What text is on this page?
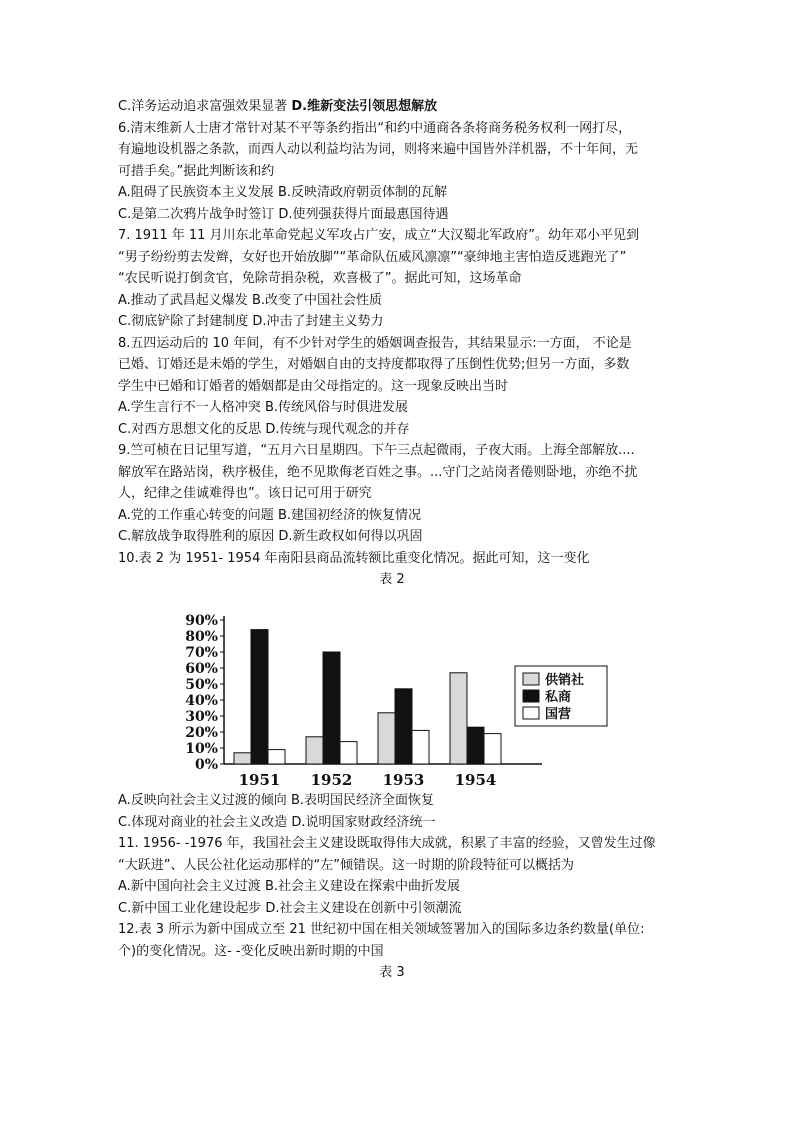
C.洋务运动追求富强效果显著 D.维新变法引领思想解放
6.清末维新人士唐才常针对某不平等条约指出“和约中通商各条将商务税务权利一网打尽，
有遍地设机器之条款，而西人动以利益均沾为词，则将来遍中国皆外洋机器，不十年间，无
可措手矣。”据此判断该和约
A.阻碍了民族资本主义发展 B.反映清政府朝贡体制的瓦解
C.是第二次鸦片战争时签订 D.使列强获得片面最惠国待遇
7. 1911 年 11 月川东北革命党起义军攻占广安，成立“大汉蜀北军政府”。幼年邓小平见到
“男子纷纷剪去发辫，女好也开始放脚”“革命队伍威风凛凛”“豪绅地主害怕造反逃跑光了”
“农民听说打倒贪官，免除苛捐杂税，欢喜极了”。据此可知，这场革命
A.推动了武昌起义爆发 B.改变了中国社会性质
C.彻底铲除了封建制度 D.冲击了封建主义势力
8.五四运动后的 10 年间，有不少针对学生的婚姻调查报告，其结果显示:一方面， 不论是
已婚、订婚还是未婚的学生，对婚姻自由的支持度都取得了压倒性优势;但另一方面，多数
学生中已婚和订婚者的婚姻都是由父母指定的。这一现象反映出当时
A.学生言行不一人格冲突 B.传统风俗与时俱进发展
C.对西方思想文化的反思 D.传统与现代观念的并存
9.竺可桢在日记里写道，“五月六日星期四。下午三点起微雨，子夜大雨。上海全部解放....
解放军在路站岗，秩序极佳，绝不见欺侮老百姓之事。...守门之站岗者倦则卧地，亦绝不扰
人，纪律之佳诚难得也”。该日记可用于研究
A.党的工作重心转变的问题 B.建国初经济的恢复情况
C.解放战争取得胜利的原因 D.新生政权如何得以巩固
10.表 2 为 1951- 1954 年南阳县商品流转额比重变化情况。据此可知，这一变化
表 2
0%
10%
20%
30%
40%
50%
60%
70%
80%
90%
1951 1952 1953 1954
供销社
私商
国营
A.反映向社会主义过渡的倾向 B.表明国民经济全面恢复
C.体现对商业的社会主义改造 D.说明国家财政经济统一
11. 1956- -1976 年，我国社会主义建设既取得伟大成就，积累了丰富的经验，又曾发生过像
“大跃进”、人民公社化运动那样的“左”倾错误。这一时期的阶段特征可以概括为
A.新中国向社会主义过渡 B.社会主义建设在探索中曲折发展
C.新中国工业化建设起步 D.社会主义建设在创新中引领潮流
12.表 3 所示为新中国成立至 21 世纪初中国在相关领域签署加入的国际多边条约数量(单位:
个)的变化情况。这- -变化反映出新时期的中国
表 3
